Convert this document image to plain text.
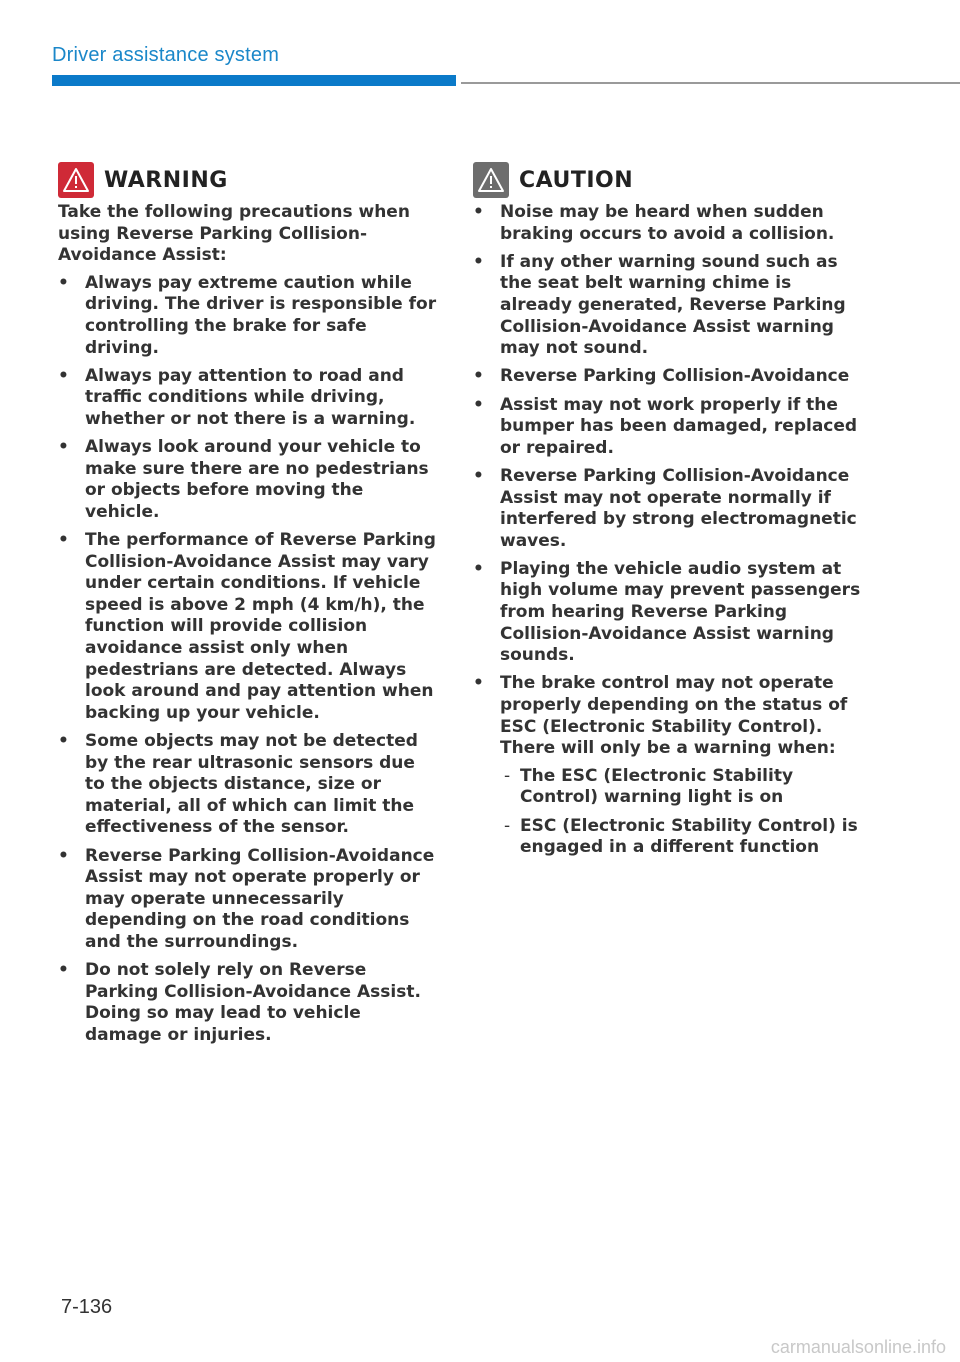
Driver assistance system
WARNING

Take the following precautions when using Reverse Parking Collision-Avoidance Assist:

• Always pay extreme caution while driving. The driver is responsible for controlling the brake for safe driving.
• Always pay attention to road and traffic conditions while driving, whether or not there is a warning.
• Always look around your vehicle to make sure there are no pedestrians or objects before moving the vehicle.
• The performance of Reverse Parking Collision-Avoidance Assist may vary under certain conditions. If vehicle speed is above 2 mph (4 km/h), the function will provide collision avoidance assist only when pedestrians are detected. Always look around and pay attention when backing up your vehicle.
• Some objects may not be detected by the rear ultrasonic sensors due to the objects distance, size or material, all of which can limit the effectiveness of the sensor.
• Reverse Parking Collision-Avoidance Assist may not operate properly or may operate unnecessarily depending on the road conditions and the surroundings.
• Do not solely rely on Reverse Parking Collision-Avoidance Assist. Doing so may lead to vehicle damage or injuries.
CAUTION
• Noise may be heard when sudden braking occurs to avoid a collision.
• If any other warning sound such as the seat belt warning chime is already generated, Reverse Parking Collision-Avoidance Assist warning may not sound.
• Reverse Parking Collision-Avoidance
• Assist may not work properly if the bumper has been damaged, replaced or repaired.
• Reverse Parking Collision-Avoidance Assist may not operate normally if interfered by strong electromagnetic waves.
• Playing the vehicle audio system at high volume may prevent passengers from hearing Reverse Parking Collision-Avoidance Assist warning sounds.
• The brake control may not operate properly depending on the status of ESC (Electronic Stability Control). There will only be a warning when:
- The ESC (Electronic Stability Control) warning light is on
- ESC (Electronic Stability Control) is engaged in a different function
7-136
carmanualsonline.info
